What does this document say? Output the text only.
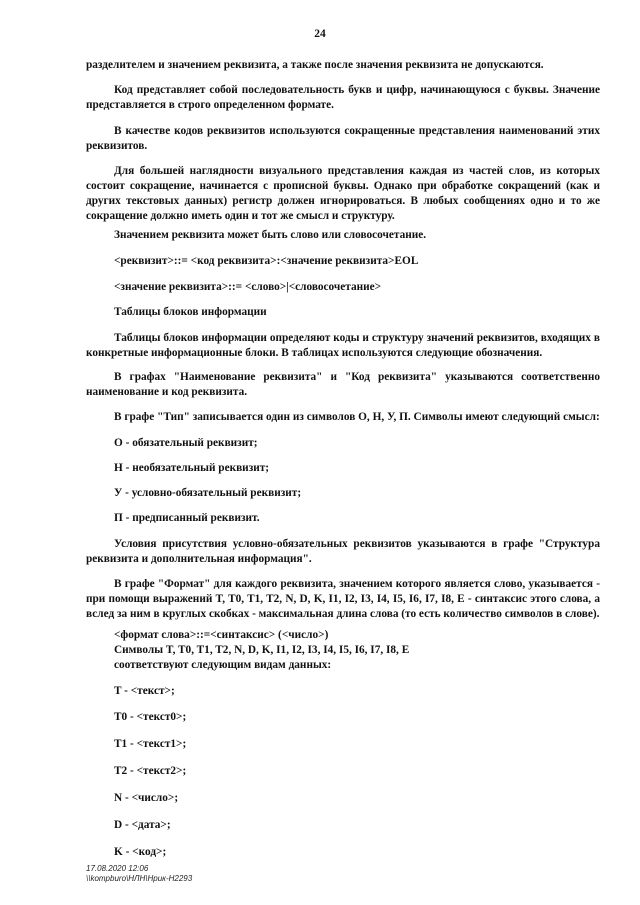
24

разделителем и значением реквизита, а также после значения реквизита не допускаются.

Код представляет собой последовательность букв и цифр, начинающуюся с буквы. Значение представляется в строго определенном формате.

В качестве кодов реквизитов используются сокращенные представления наименований этих реквизитов.

Для большей наглядности визуального представления каждая из частей слов, из которых состоит сокращение, начинается с прописной буквы. Однако при обработке сокращений (как и других текстовых данных) регистр должен игнорироваться. В любых сообщениях одно и то же сокращение должно иметь один и тот же смысл и структуру.

Значением реквизита может быть слово или словосочетание.

<реквизит>::= <код реквизита>:<значение реквизита>EOL

<значение реквизита>::= <слово>|<словосочетание>

Таблицы блоков информации

Таблицы блоков информации определяют коды и структуру значений реквизитов, входящих в конкретные информационные блоки. В таблицах используются следующие обозначения.

В графах "Наименование реквизита" и "Код реквизита" указываются соответственно наименование и код реквизита.

В графе "Тип" записывается один из символов О, Н, У, П. Символы имеют следующий смысл:

О - обязательный реквизит;

Н - необязательный реквизит;

У - условно-обязательный реквизит;

П - предписанный реквизит.

Условия присутствия условно-обязательных реквизитов указываются в графе "Структура реквизита и дополнительная информация".

В графе "Формат" для каждого реквизита, значением которого является слово, указывается - при помощи выражений T, T0, T1, T2, N, D, K, I1, I2, I3, I4, I5, I6, I7, I8, E - синтаксис этого слова, а вслед за ним в круглых скобках - максимальная длина слова (то есть количество символов в слове).

<формат слова>::=<синтаксис> (<число>)
Символы T, T0, T1, T2, N, D, K, I1, I2, I3, I4, I5, I6, I7, I8, E
соответствуют следующим видам данных:

T - <текст>;

T0 - <текст0>;

T1 - <текст1>;

T2 - <текст2>;

N - <число>;

D - <дата>;

K - <код>;

17.08.2020 12:06
\\kompburo\НЛН\Нрик-Н2293
